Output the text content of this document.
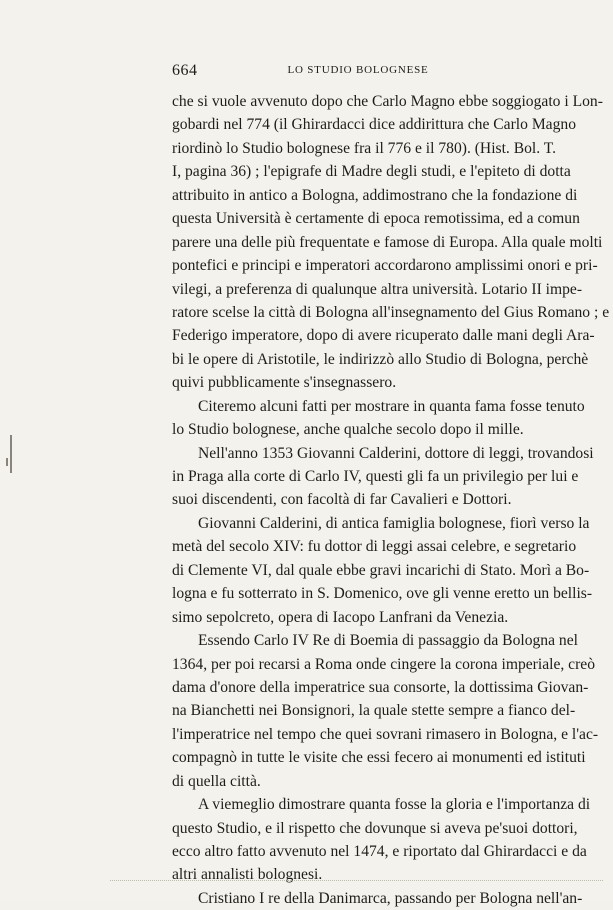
664	LO STUDIO BOLOGNESE
che si vuole avvenuto dopo che Carlo Magno ebbe soggiogato i Lon-
gobardi nel 774 (il Ghirardacci dice addirittura che Carlo Magno
riordinò lo Studio bolognese fra il 776 e il 780). (Hist. Bol. T.
I, pagina 36) ; l'epigrafe di Madre degli studi, e l'epiteto di dotta
attribuito in antico a Bologna, addimostrano che la fondazione di
questa Università è certamente di epoca remotissima, ed a comun
parere una delle più frequentate e famose di Europa. Alla quale molti
pontefici e principi e imperatori accordarono amplissimi onori e pri-
vilegi, a preferenza di qualunque altra università. Lotario II impe-
ratore scelse la città di Bologna all'insegnamento del Gius Romano ; e
Federigo imperatore, dopo di avere ricuperato dalle mani degli Ara-
bi le opere di Aristotile, le indirizzò allo Studio di Bologna, perchè
quivi pubblicamente s'insegnassero.
Citeremo alcuni fatti per mostrare in quanta fama fosse tenuto
lo Studio bolognese, anche qualche secolo dopo il mille.
Nell'anno 1353 Giovanni Calderini, dottore di leggi, trovandosi
in Praga alla corte di Carlo IV, questi gli fa un privilegio per lui e
suoi discendenti, con facoltà di far Cavalieri e Dottori.
Giovanni Calderini, di antica famiglia bolognese, fiorì verso la
metà del secolo XIV: fu dottor di leggi assai celebre, e segretario
di Clemente VI, dal quale ebbe gravi incarichi di Stato. Morì a Bo-
logna e fu sotterrato in S. Domenico, ove gli venne eretto un bellis-
simo sepolcreto, opera di Iacopo Lanfrani da Venezia.
Essendo Carlo IV Re di Boemia di passaggio da Bologna nel
1364, per poi recarsi a Roma onde cingere la corona imperiale, creò
dama d'onore della imperatrice sua consorte, la dottissima Giovan-
na Bianchetti nei Bonsignori, la quale stette sempre a fianco del-
l'imperatrice nel tempo che quei sovrani rimasero in Bologna, e l'ac-
compagnò in tutte le visite che essi fecero ai monumenti ed istituti
di quella città.
A viemeglio dimostrare quanta fosse la gloria e l'importanza di
questo Studio, e il rispetto che dovunque si aveva pe'suoi dottori,
ecco altro fatto avvenuto nel 1474, e riportato dal Ghirardacci e da
altri annalisti bolognesi.
Cristiano I re della Danimarca, passando per Bologna nell'an-
